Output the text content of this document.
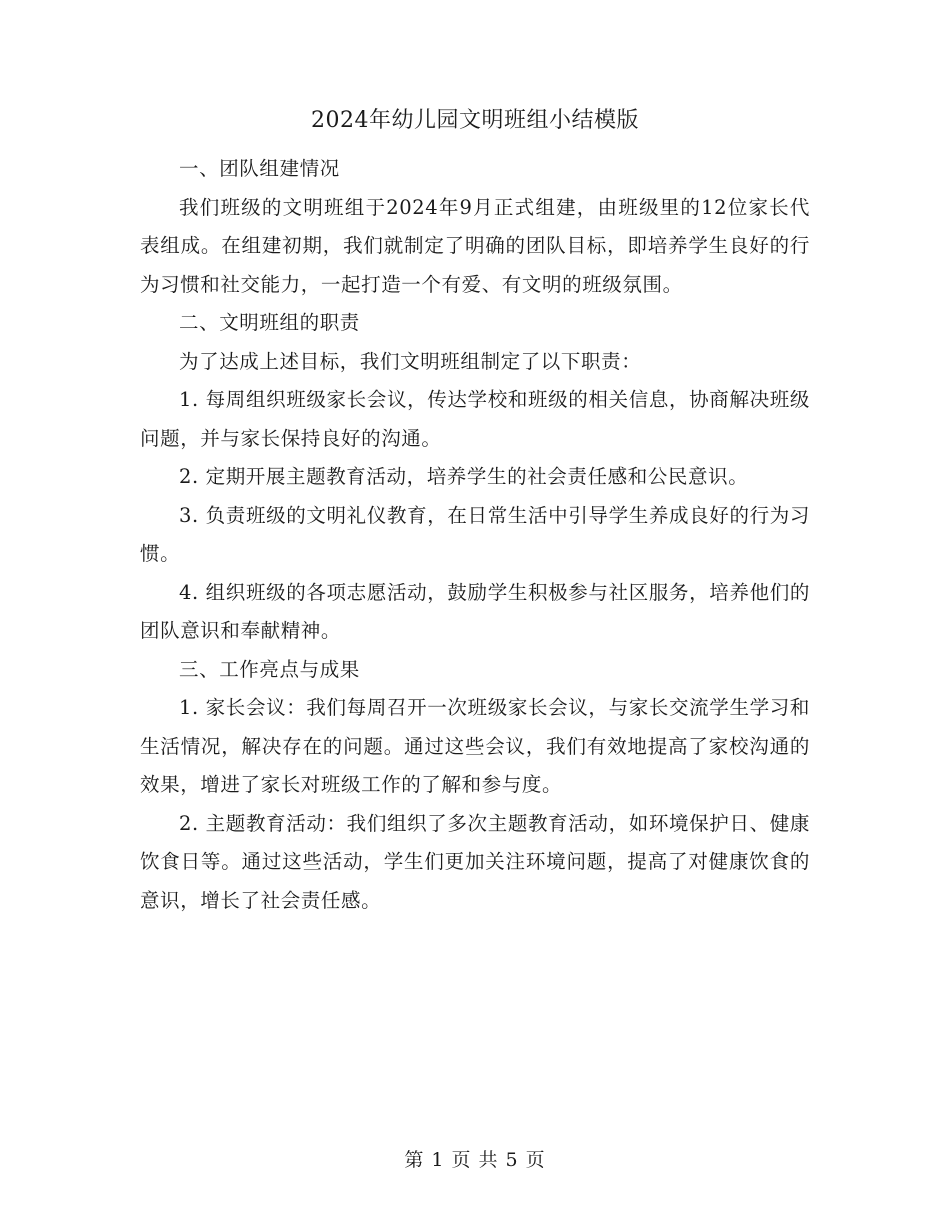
2024年幼儿园文明班组小结模版

一、团队组建情况

我们班级的文明班组于2024年9月正式组建，由班级里的12位家长代表组成。在组建初期，我们就制定了明确的团队目标，即培养学生良好的行为习惯和社交能力，一起打造一个有爱、有文明的班级氛围。

二、文明班组的职责

为了达成上述目标，我们文明班组制定了以下职责：

1. 每周组织班级家长会议，传达学校和班级的相关信息，协商解决班级问题，并与家长保持良好的沟通。

2. 定期开展主题教育活动，培养学生的社会责任感和公民意识。

3. 负责班级的文明礼仪教育，在日常生活中引导学生养成良好的行为习惯。

4. 组织班级的各项志愿活动，鼓励学生积极参与社区服务，培养他们的团队意识和奉献精神。

三、工作亮点与成果

1. 家长会议：我们每周召开一次班级家长会议，与家长交流学生学习和生活情况，解决存在的问题。通过这些会议，我们有效地提高了家校沟通的效果，增进了家长对班级工作的了解和参与度。

2. 主题教育活动：我们组织了多次主题教育活动，如环境保护日、健康饮食日等。通过这些活动，学生们更加关注环境问题，提高了对健康饮食的意识，增长了社会责任感。

第 1 页 共 5 页
